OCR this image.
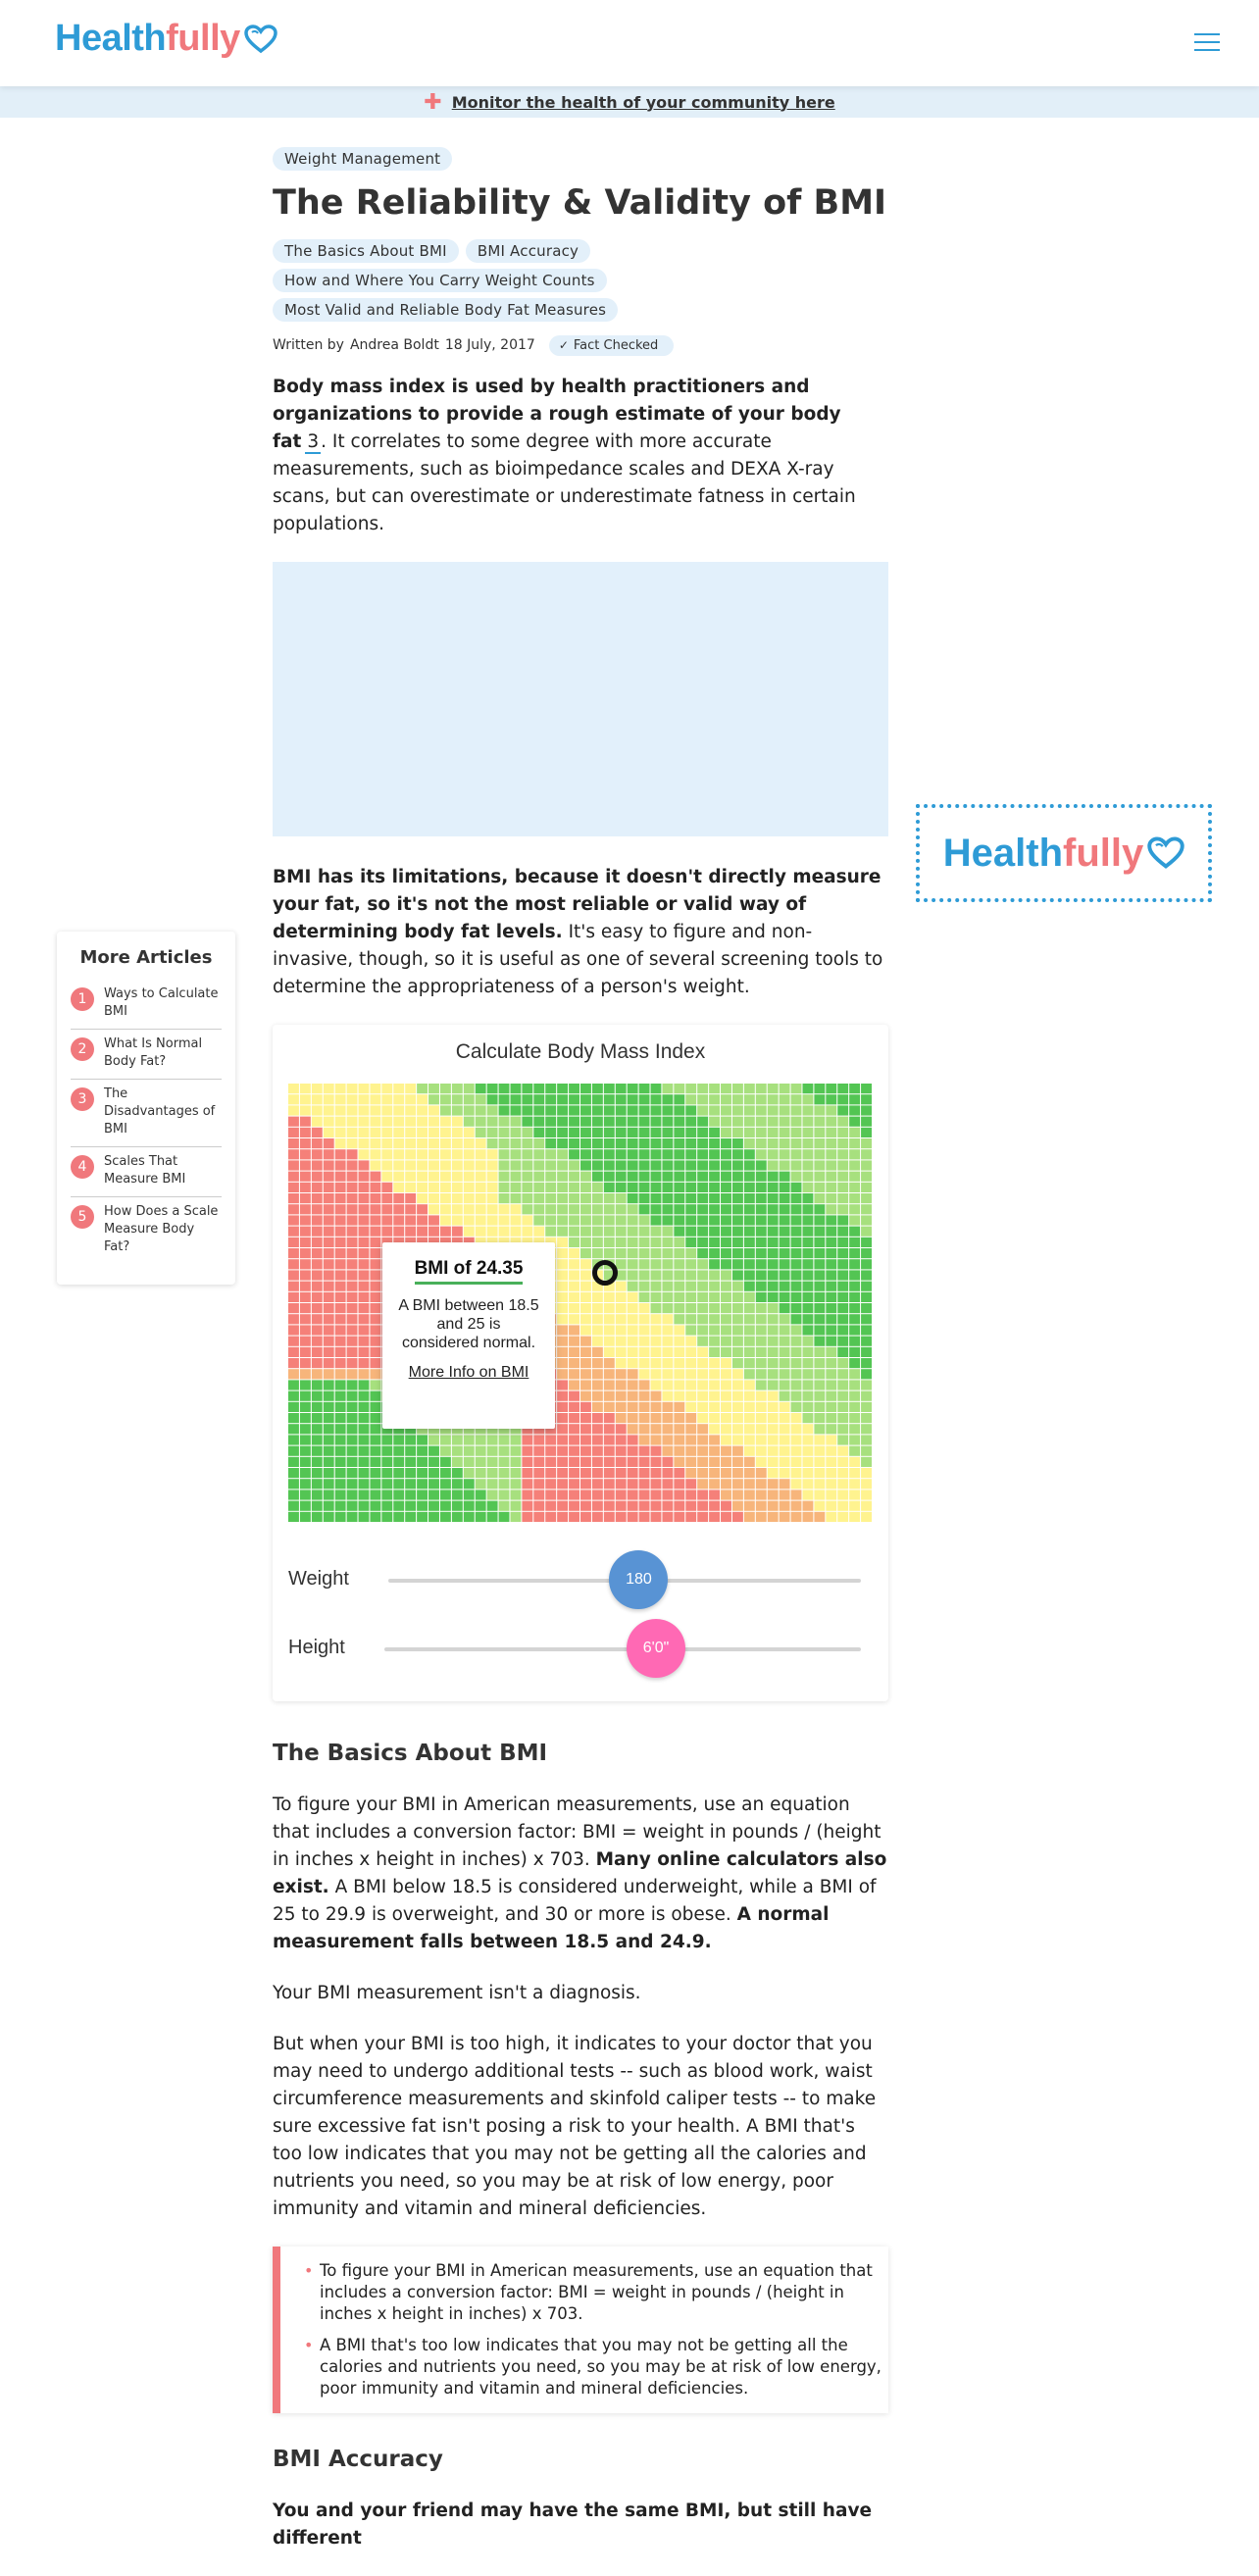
Health fully
✚ Monitor the health of your community here
More Articles
1	Ways to Calculate BMI
2	What Is Normal Body Fat?
3	The Disadvantages of BMI
4	Scales That Measure BMI
5	How Does a Scale Measure Body Fat?
Health fully
Weight Management
The Reliability & Validity of BMI
The Basics About BMI BMI Accuracy
How and Where You Carry Weight Counts
Most Valid and Reliable Body Fat Measures
Written by Andrea Boldt 18 July, 2017 ✓ Fact Checked

Body mass index is used by health practitioners and organizations to provide a rough estimate of your body fat 3 . It correlates to some degree with more accurate measurements, such as bioimpedance scales and DEXA X-ray scans, but can overestimate or underestimate fatness in certain populations.

BMI has its limitations, because it doesn't directly measure your fat, so it's not the most reliable or valid way of determining body fat levels. It's easy to figure and non-invasive, though, so it is useful as one of several screening tools to determine the appropriateness of a person's weight.

Calculate Body Mass Index
BMI of 24.35
A BMI between 18.5 and 25 is considered normal.
More Info on BMI
Weight	180
Height	6'0"
The Basics About BMI

To figure your BMI in American measurements, use an equation that includes a conversion factor: BMI = weight in pounds / (height in inches x height in inches) x 703. Many online calculators also exist. A BMI below 18.5 is considered underweight, while a BMI of 25 to 29.9 is overweight, and 30 or more is obese. A normal measurement falls between 18.5 and 24.9.

Your BMI measurement isn't a diagnosis.

But when your BMI is too high, it indicates to your doctor that you may need to undergo additional tests -- such as blood work, waist circumference measurements and skinfold caliper tests -- to make sure excessive fat isn't posing a risk to your health. A BMI that's too low indicates that you may not be getting all the calories and nutrients you need, so you may be at risk of low energy, poor immunity and vitamin and mineral deficiencies.

• To figure your BMI in American measurements, use an equation that includes a conversion factor: BMI = weight in pounds / (height in inches x height in inches) x 703.
• A BMI that's too low indicates that you may not be getting all the calories and nutrients you need, so you may be at risk of low energy, poor immunity and vitamin and mineral deficiencies.
BMI Accuracy

You and your friend may have the same BMI, but still have different
